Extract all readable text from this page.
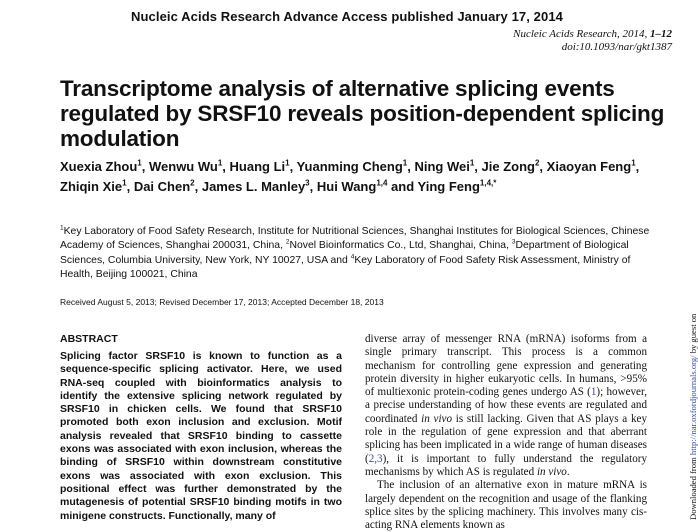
Nucleic Acids Research Advance Access published January 17, 2014
Nucleic Acids Research, 2014, 1–12
doi:10.1093/nar/gkt1387
Transcriptome analysis of alternative splicing events regulated by SRSF10 reveals position-dependent splicing modulation
Xuexia Zhou$^1$, Wenwu Wu$^1$, Huang Li$^1$, Yuanming Cheng$^1$, Ning Wei$^1$, Jie Zong$^2$, Xiaoyan Feng$^1$, Zhiqin Xie$^1$, Dai Chen$^2$, James L. Manley$^3$, Hui Wang$^{1,4}$ and Ying Feng$^{1,4,*}$
$^1$Key Laboratory of Food Safety Research, Institute for Nutritional Sciences, Shanghai Institutes for Biological Sciences, Chinese Academy of Sciences, Shanghai 200031, China, $^2$Novel Bioinformatics Co., Ltd, Shanghai, China, $^3$Department of Biological Sciences, Columbia University, New York, NY 10027, USA and $^4$Key Laboratory of Food Safety Risk Assessment, Ministry of Health, Beijing 100021, China
Received August 5, 2013; Revised December 17, 2013; Accepted December 18, 2013
ABSTRACT
Splicing factor SRSF10 is known to function as a sequence-specific splicing activator. Here, we used RNA-seq coupled with bioinformatics analysis to identify the extensive splicing network regulated by SRSF10 in chicken cells. We found that SRSF10 promoted both exon inclusion and exclusion. Motif analysis revealed that SRSF10 binding to cassette exons was associated with exon inclusion, whereas the binding of SRSF10 within downstream constitutive exons was associated with exon exclusion. This positional effect was further demonstrated by the mutagenesis of potential SRSF10 binding motifs in two minigene constructs. Functionally, many of

diverse array of messenger RNA (mRNA) isoforms from a single primary transcript. This process is a common mechanism for controlling gene expression and generating protein diversity in higher eukaryotic cells. In humans, >95% of multiexonic protein-coding genes undergo AS (1); however, a precise understanding of how these events are regulated and coordinated in vivo is still lacking. Given that AS plays a key role in the regulation of gene expression and that aberrant splicing has been implicated in a wide range of human diseases (2,3), it is important to fully understand the regulatory mechanisms by which AS is regulated in vivo.

The inclusion of an alternative exon in mature mRNA is largely dependent on the recognition and usage of the flanking splice sites by the splicing machinery. This involves many cis-acting RNA elements known as

Downloaded from http://nar.oxfordjournals.org/ by guest on
